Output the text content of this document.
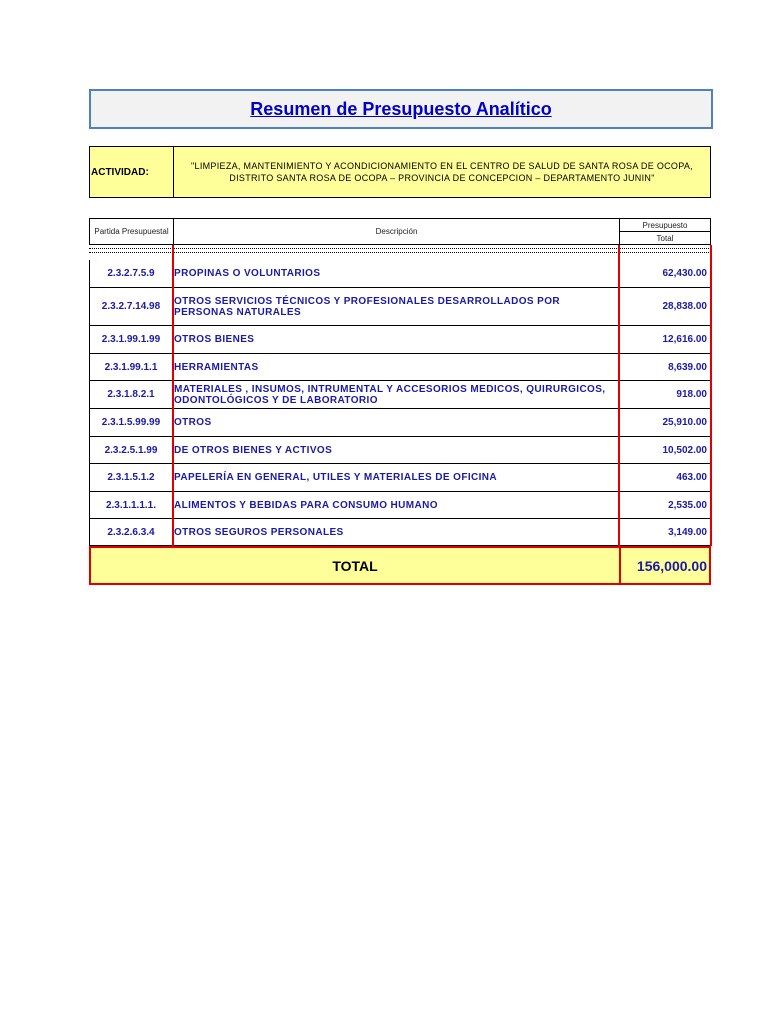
Resumen de Presupuesto Analítico
ACTIVIDAD:
"LIMPIEZA, MANTENIMIENTO Y ACONDICIONAMIENTO EN EL CENTRO DE SALUD DE SANTA ROSA DE OCOPA, DISTRITO SANTA ROSA DE OCOPA – PROVINCIA DE CONCEPCION – DEPARTAMENTO JUNIN"
Partida Presupuestal	Descripción
Presupuesto
Total
2.3.2.7.5.9	PROPINAS O VOLUNTARIOS	62,430.00
2.3.2.7.14.98	OTROS SERVICIOS TÉCNICOS Y PROFESIONALES DESARROLLADOS POR PERSONAS NATURALES	28,838.00
2.3.1.99.1.99	OTROS BIENES	12,616.00
2.3.1.99.1.1	HERRAMIENTAS	8,639.00
2.3.1.8.2.1	MATERIALES , INSUMOS, INTRUMENTAL Y ACCESORIOS MEDICOS, QUIRURGICOS, ODONTOLÓGICOS Y DE LABORATORIO	918.00
2.3.1.5.99.99	OTROS	25,910.00
2.3.2.5.1.99	DE OTROS BIENES Y ACTIVOS	10,502.00
2.3.1.5.1.2	PAPELERÍA EN GENERAL, UTILES Y MATERIALES DE OFICINA	463.00
2.3.1.1.1.1.	ALIMENTOS Y BEBIDAS PARA CONSUMO HUMANO	2,535.00
2.3.2.6.3.4	OTROS SEGUROS PERSONALES	3,149.00
TOTAL	156,000.00
